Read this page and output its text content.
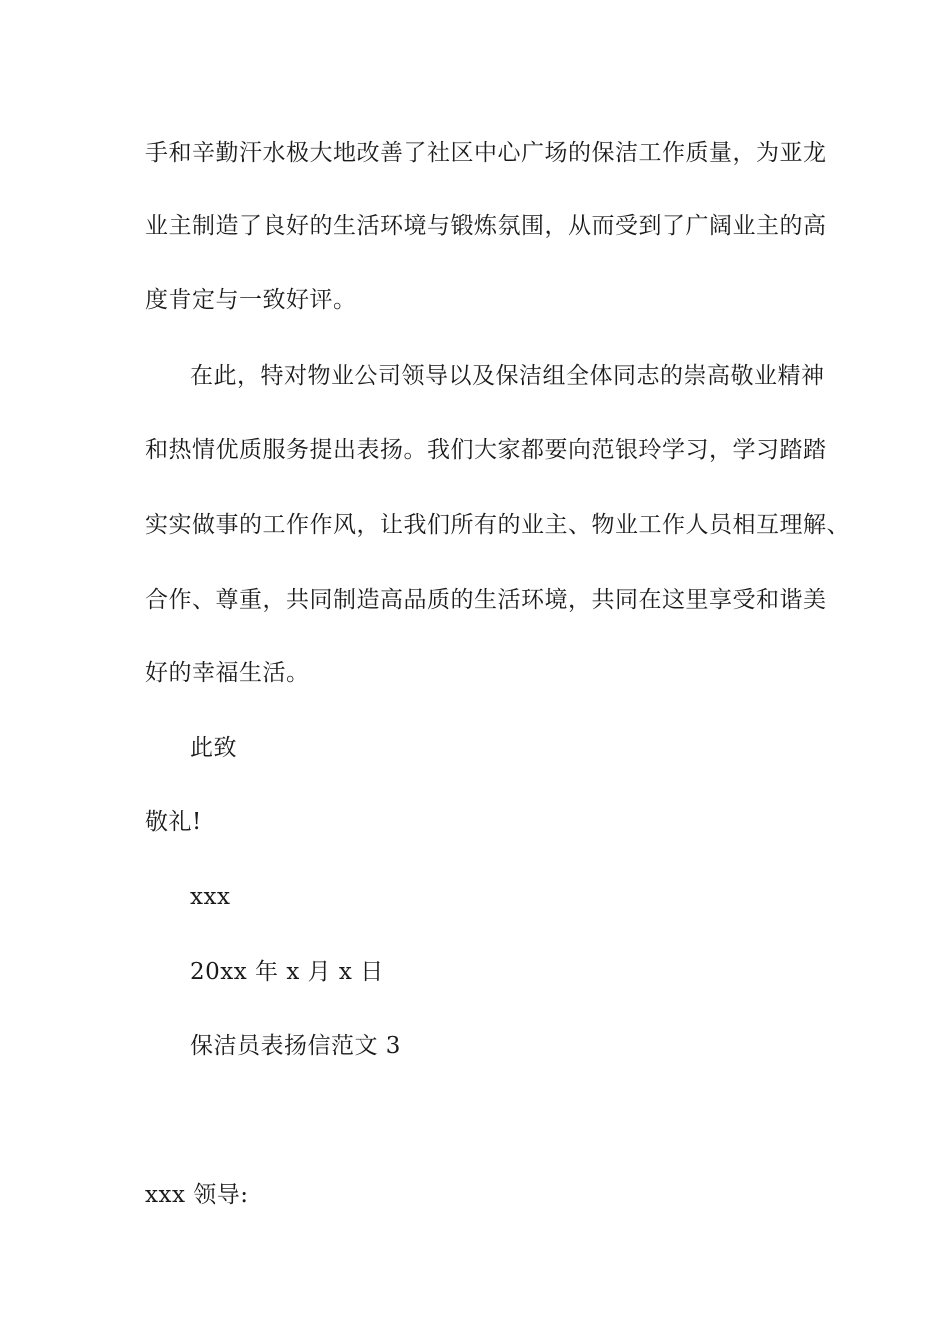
手和辛勤汗水极大地改善了社区中心广场的保洁工作质量，为亚龙
业主制造了良好的生活环境与锻炼氛围，从而受到了广阔业主的高
度肯定与一致好评。
在此，特对物业公司领导以及保洁组全体同志的崇高敬业精神
和热情优质服务提出表扬。我们大家都要向范银玲学习，学习踏踏
实实做事的工作作风，让我们所有的业主、物业工作人员相互理解、
合作、尊重，共同制造高品质的生活环境，共同在这里享受和谐美
好的幸福生活。
此致
敬礼!
xxx
20xx 年 x 月 x 日
保洁员表扬信范文 3
xxx 领导:
